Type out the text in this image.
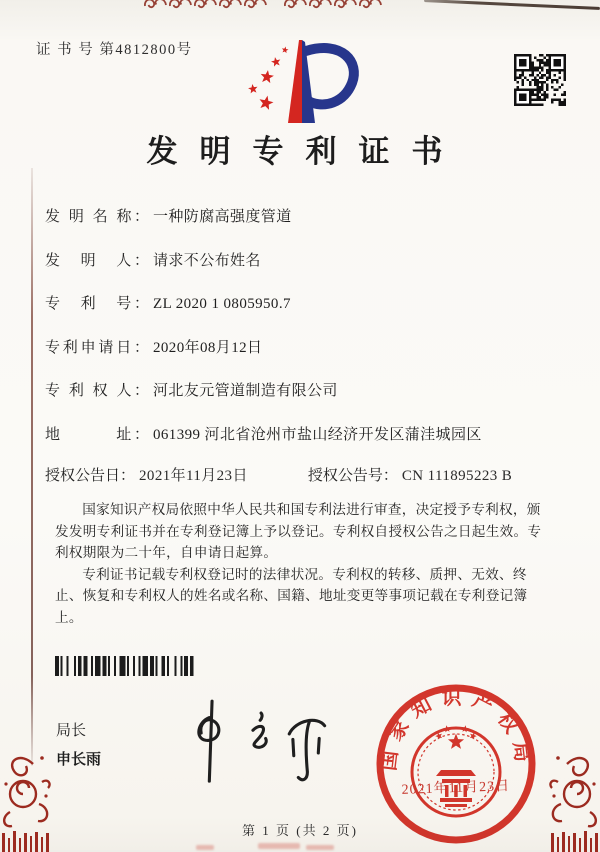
证 书 号 第4812800号
发明专利证书
发 明 名 称： 一种防腐高强度管道
发　明　人： 请求不公布姓名
专　利　号： ZL 2020 1 0805950.7
专利申请日： 2020年08月12日
专 利 权 人： 河北友元管道制造有限公司
地　　　址： 061399 河北省沧州市盐山经济开发区蒲洼城园区
授权公告日： 2021年11月23日	授权公告号： CN 111895223 B

国家知识产权局依照中华人民共和国专利法进行审查，决定授予专利权，颁发发明专利证书并在专利登记簿上予以登记。专利权自授权公告之日起生效。专利权期限为二十年，自申请日起算。

专利证书记载专利权登记时的法律状况。专利权的转移、质押、无效、终止、恢复和专利权人的姓名或名称、国籍、地址变更等事项记载在专利登记簿上。

局长
申长雨	国家知识产权局
2021年11月23日
第 1 页 (共 2 页)
